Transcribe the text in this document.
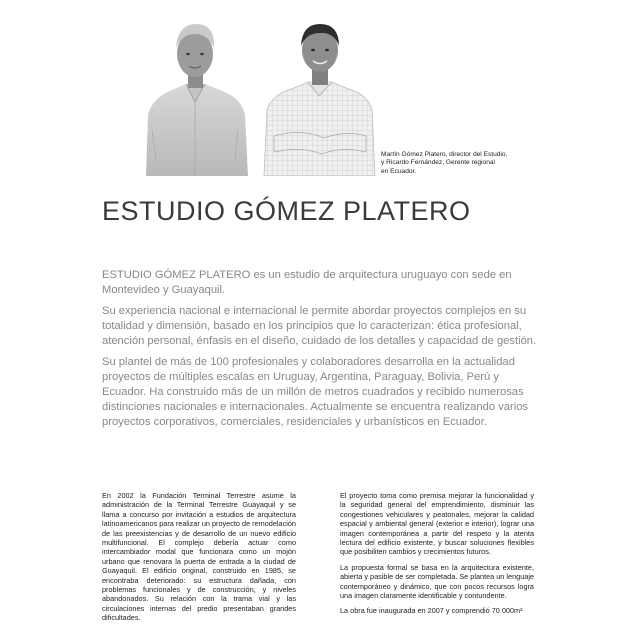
Martín Gómez Platero, director del Estudio,
y Ricardo Fernández, Gerente regional
en Ecuador.
ESTUDIO GÓMEZ PLATERO

ESTUDIO GÓMEZ PLATERO es un estudio de arquitectura uruguayo con sede en Montevideo y Guayaquil.

Su experiencia nacional e internacional le permite abordar proyectos complejos en su totalidad y dimensión, basado en los principios que lo caracterizan: ética profesional, atención personal, énfasis en el diseño, cuidado de los detalles y capacidad de gestión.

Su plantel de más de 100 profesionales y colaboradores desarrolla en la actualidad proyectos de múltiples escalas en Uruguay, Argentina, Paraguay, Bolivia, Perú y Ecuador. Ha construido más de un millón de metros cuadrados y recibido numerosas distinciones nacionales e internacionales. Actualmente se encuentra realizando varios proyectos corporativos, comerciales, residenciales y urbanísticos en Ecuador.

En 2002 la Fundación Terminal Terrestre asume la administración de la Terminal Terrestre Guayaquil y se llama a concurso por invitación a estudios de arquitectura latinoamericanos para realizar un proyecto de remodelación de las preexistencias y de desarrollo de un nuevo edificio multifuncional. El complejo debería actuar como intercambiador modal que funcionara como un mojón urbano que renovara la puerta de entrada a la ciudad de Guayaquil. El edificio original, construido en 1985, se encontraba deteriorado: su estructura dañada, con problemas funcionales y de construcción, y niveles abandonados. Su relación con la trama vial y las circulaciones internas del predio presentaban grandes dificultades.

El proyecto toma como premisa mejorar la funcionalidad y la seguridad general del emprendimiento, disminuir las congestiones vehiculares y peatonales, mejorar la calidad espacial y ambiental general (exterior e interior), lograr una imagen contemporánea a partir del respeto y la atenta lectura del edificio existente, y buscar soluciones flexibles que posibiliten cambios y crecimientos futuros.

La propuesta formal se basa en la arquitectura existente, abierta y pasible de ser completada. Se plantea un lenguaje contemporáneo y dinámico, que con pocos recursos logra una imagen claramente identificable y contundente.

La obra fue inaugurada en 2007 y comprendió 70 000m²
